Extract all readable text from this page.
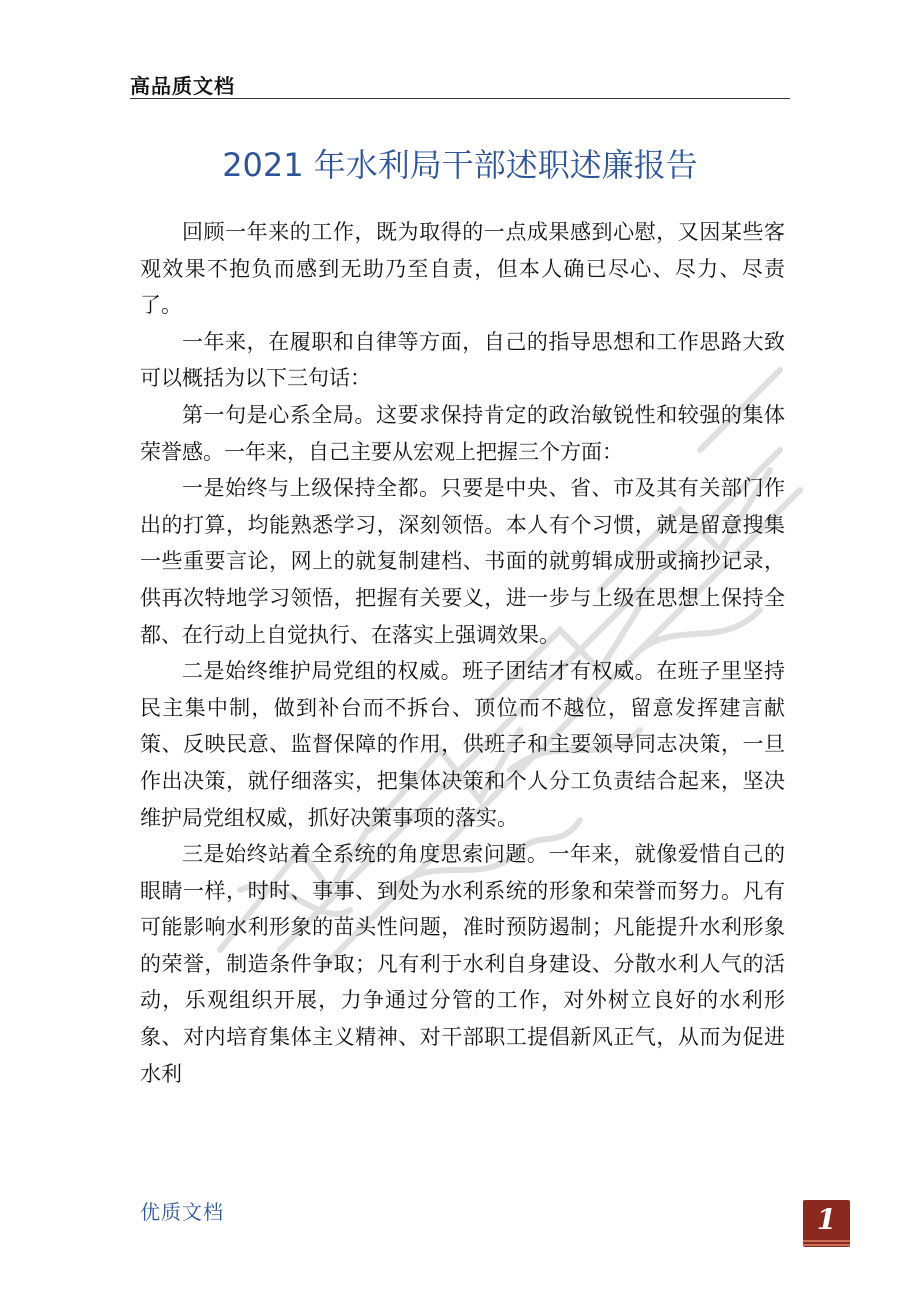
高品质文档
2021 年水利局干部述职述廉报告

回顾一年来的工作，既为取得的一点成果感到心慰，又因某些客观效果不抱负而感到无助乃至自责，但本人确已尽心、尽力、尽责了。

一年来，在履职和自律等方面，自己的指导思想和工作思路大致可以概括为以下三句话：

第一句是心系全局。这要求保持肯定的政治敏锐性和较强的集体荣誉感。一年来，自己主要从宏观上把握三个方面：

一是始终与上级保持全都。只要是中央、省、市及其有关部门作出的打算，均能熟悉学习，深刻领悟。本人有个习惯，就是留意搜集一些重要言论，网上的就复制建档、书面的就剪辑成册或摘抄记录，供再次特地学习领悟，把握有关要义，进一步与上级在思想上保持全都、在行动上自觉执行、在落实上强调效果。

二是始终维护局党组的权威。班子团结才有权威。在班子里坚持民主集中制，做到补台而不拆台、顶位而不越位，留意发挥建言献策、反映民意、监督保障的作用，供班子和主要领导同志决策，一旦作出决策，就仔细落实，把集体决策和个人分工负责结合起来，坚决维护局党组权威，抓好决策事项的落实。

三是始终站着全系统的角度思索问题。一年来，就像爱惜自己的眼睛一样，时时、事事、到处为水利系统的形象和荣誉而努力。凡有可能影响水利形象的苗头性问题，准时预防遏制；凡能提升水利形象的荣誉，制造条件争取；凡有利于水利自身建设、分散水利人气的活动，乐观组织开展，力争通过分管的工作，对外树立良好的水利形象、对内培育集体主义精神、对干部职工提倡新风正气，从而为促进水利

优质文档	1
